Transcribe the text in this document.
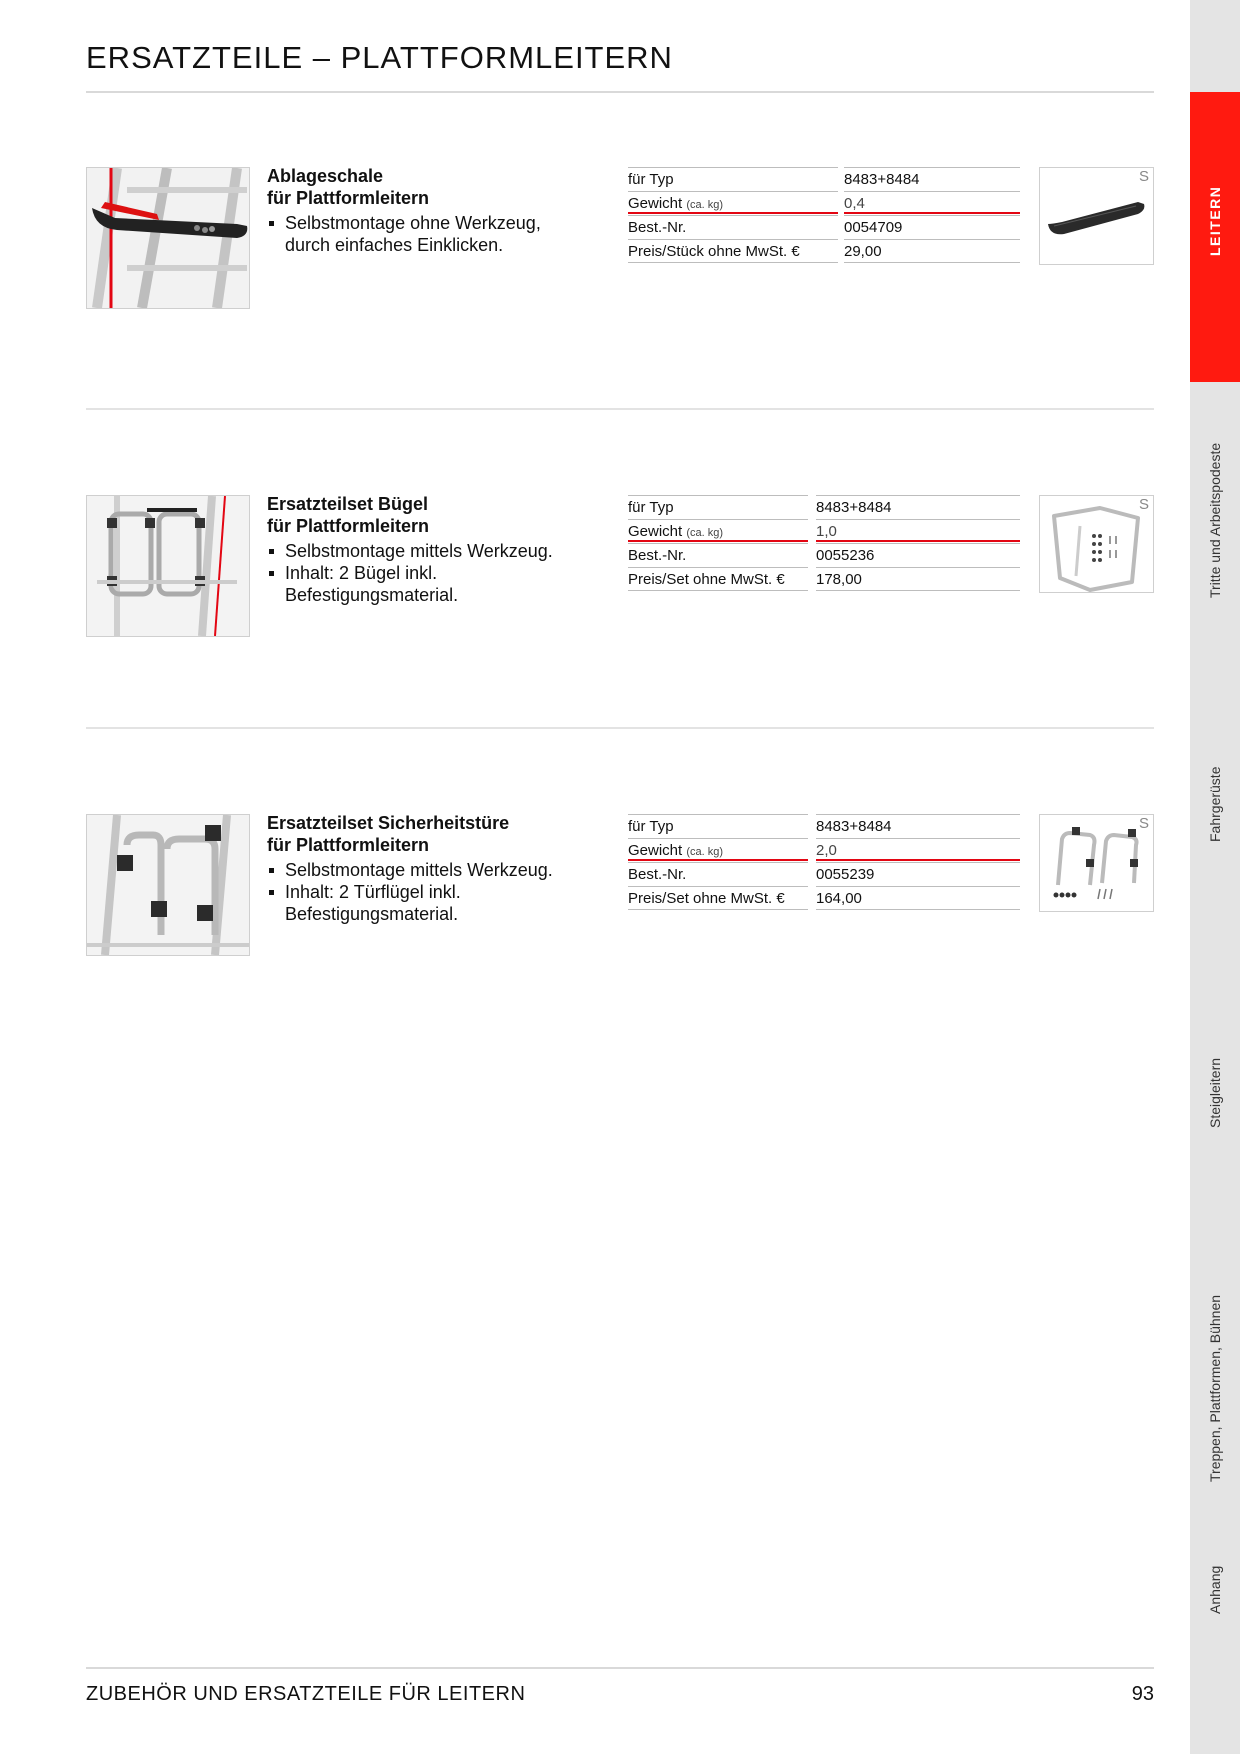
ERSATZTEILE – PLATTFORMLEITERN
Ablageschale
für Plattformleitern
Selbstmontage ohne Werkzeug, durch einfaches Einklicken.
für Typ	8483+8484
Gewicht (ca. kg)	0,4
Best.-Nr.	0054709
Preis/Stück ohne MwSt. €	29,00
S
Ersatzteilset Bügel
für Plattformleitern
Selbstmontage mittels Werkzeug.
Inhalt: 2 Bügel inkl. Befestigungsmaterial.
für Typ	8483+8484
Gewicht (ca. kg)	1,0
Best.-Nr.	0055236
Preis/Set ohne MwSt. €	178,00
S
Ersatzteilset Sicherheitstüre
für Plattformleitern
Selbstmontage mittels Werkzeug.
Inhalt: 2 Türflügel inkl. Befestigungsmaterial.
für Typ	8483+8484
Gewicht (ca. kg)	2,0
Best.-Nr.	0055239
Preis/Set ohne MwSt. €	164,00
S
ZUBEHÖR UND ERSATZTEILE FÜR LEITERN	93
LEITERN
Tritte und Arbeitspodeste
Fahrgerüste
Steigleitern
Treppen, Plattformen, Bühnen
Anhang
